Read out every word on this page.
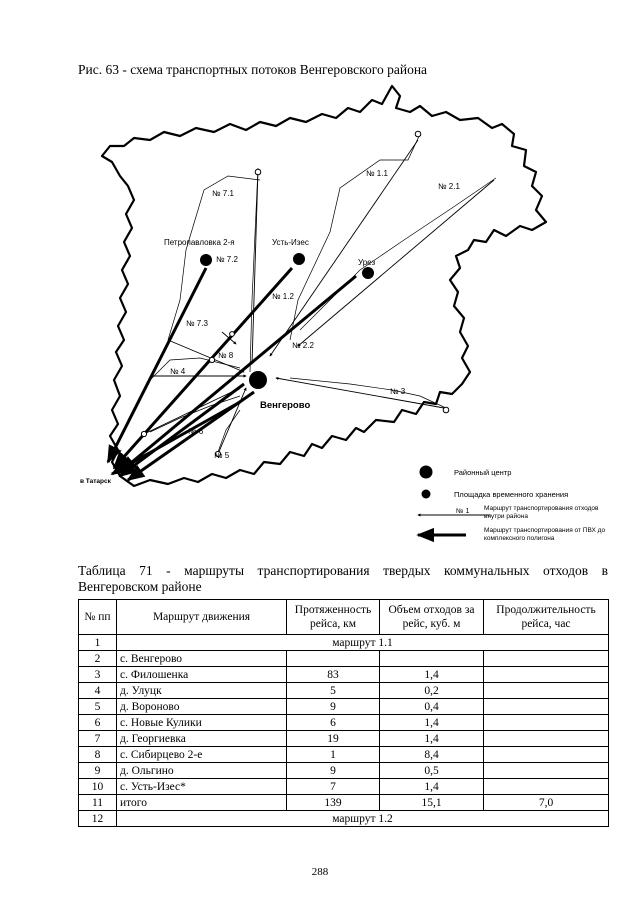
Рис. 63 - схема транспортных потоков Венгеровского района
№ 1.1
№ 2.1
№ 7.1
Петропавловка 2-я
№ 7.2
Усть-Изес
Урез
№ 1.2
№ 7.3
№ 2.2
№ 8
№ 4
№ 3
№ 6
№ 5
Венгерово
в Татарск
Районный центр
Площадка временного хранения
№ 1 Маршрут транспортирования отходов внутри района
Маршрут транспортирования от ПВХ до комплексного полигона
Таблица 71 - маршруты транспортирования твердых коммунальных отходов в Венгеровском районе
№ пп	Маршрут движения	Протяженность рейса, км	Объем отходов за рейс, куб. м	Продолжительность рейса, час
1	маршрут 1.1			
2	с. Венгерово			
3	с. Филошенка	83	1,4	
4	д. Улуцк	5	0,2	
5	д. Вороново	9	0,4	
6	с. Новые Кулики	6	1,4	
7	д. Георгиевка	19	1,4	
8	с. Сибирцево 2-е	1	8,4	
9	д. Ольгино	9	0,5	
10	с. Усть-Изес*	7	1,4	
11	итого	139	15,1	7,0
12	маршрут 1.2			
288
